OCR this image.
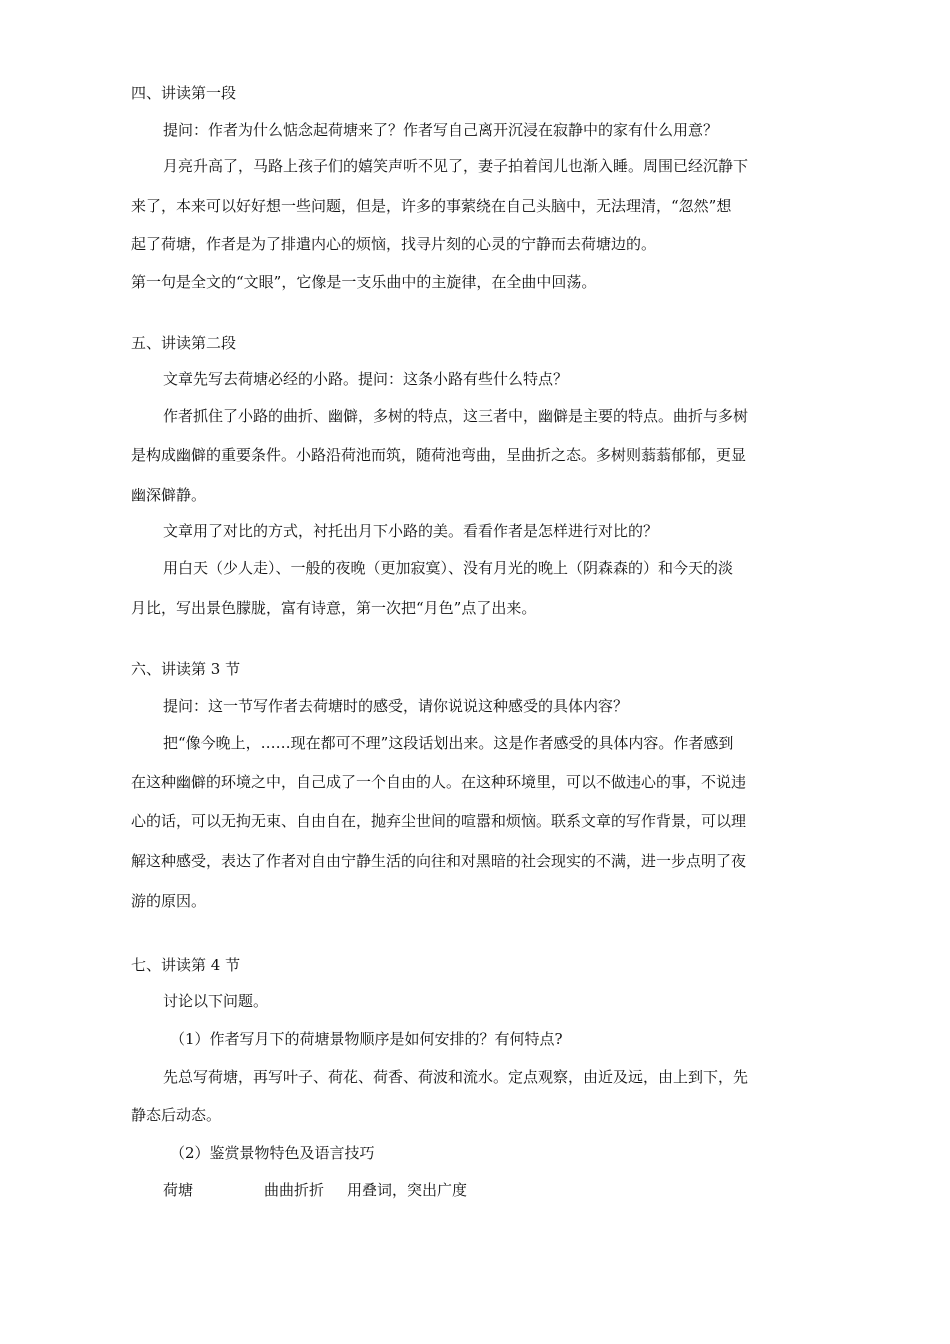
四、讲读第一段
提问：作者为什么惦念起荷塘来了？作者写自己离开沉浸在寂静中的家有什么用意？
月亮升高了，马路上孩子们的嬉笑声听不见了，妻子拍着闰儿也渐入睡。周围已经沉静下
来了，本来可以好好想一些问题，但是，许多的事萦绕在自己头脑中，无法理清，“忽然”想
起了荷塘，作者是为了排遣内心的烦恼，找寻片刻的心灵的宁静而去荷塘边的。
第一句是全文的“文眼”，它像是一支乐曲中的主旋律，在全曲中回荡。
五、讲读第二段
文章先写去荷塘必经的小路。提问：这条小路有些什么特点？
作者抓住了小路的曲折、幽僻，多树的特点，这三者中，幽僻是主要的特点。曲折与多树
是构成幽僻的重要条件。小路沿荷池而筑，随荷池弯曲，呈曲折之态。多树则蓊蓊郁郁，更显
幽深僻静。
文章用了对比的方式，衬托出月下小路的美。看看作者是怎样进行对比的？
用白天（少人走）、一般的夜晚（更加寂寞）、没有月光的晚上（阴森森的）和今天的淡
月比，写出景色朦胧，富有诗意，第一次把“月色”点了出来。
六、讲读第 3 节
提问：这一节写作者去荷塘时的感受，请你说说这种感受的具体内容？
把“像今晚上，……现在都可不理”这段话划出来。这是作者感受的具体内容。作者感到
在这种幽僻的环境之中，自己成了一个自由的人。在这种环境里，可以不做违心的事，不说违
心的话，可以无拘无束、自由自在，抛弃尘世间的喧嚣和烦恼。联系文章的写作背景，可以理
解这种感受，表达了作者对自由宁静生活的向往和对黑暗的社会现实的不满，进一步点明了夜
游的原因。
七、讲读第 4 节
讨论以下问题。
（1）作者写月下的荷塘景物顺序是如何安排的？有何特点?
先总写荷塘，再写叶子、荷花、荷香、荷波和流水。定点观察，由近及远，由上到下，先
静态后动态。
（2）鉴赏景物特色及语言技巧
荷塘	曲曲折折 用叠词，突出广度
